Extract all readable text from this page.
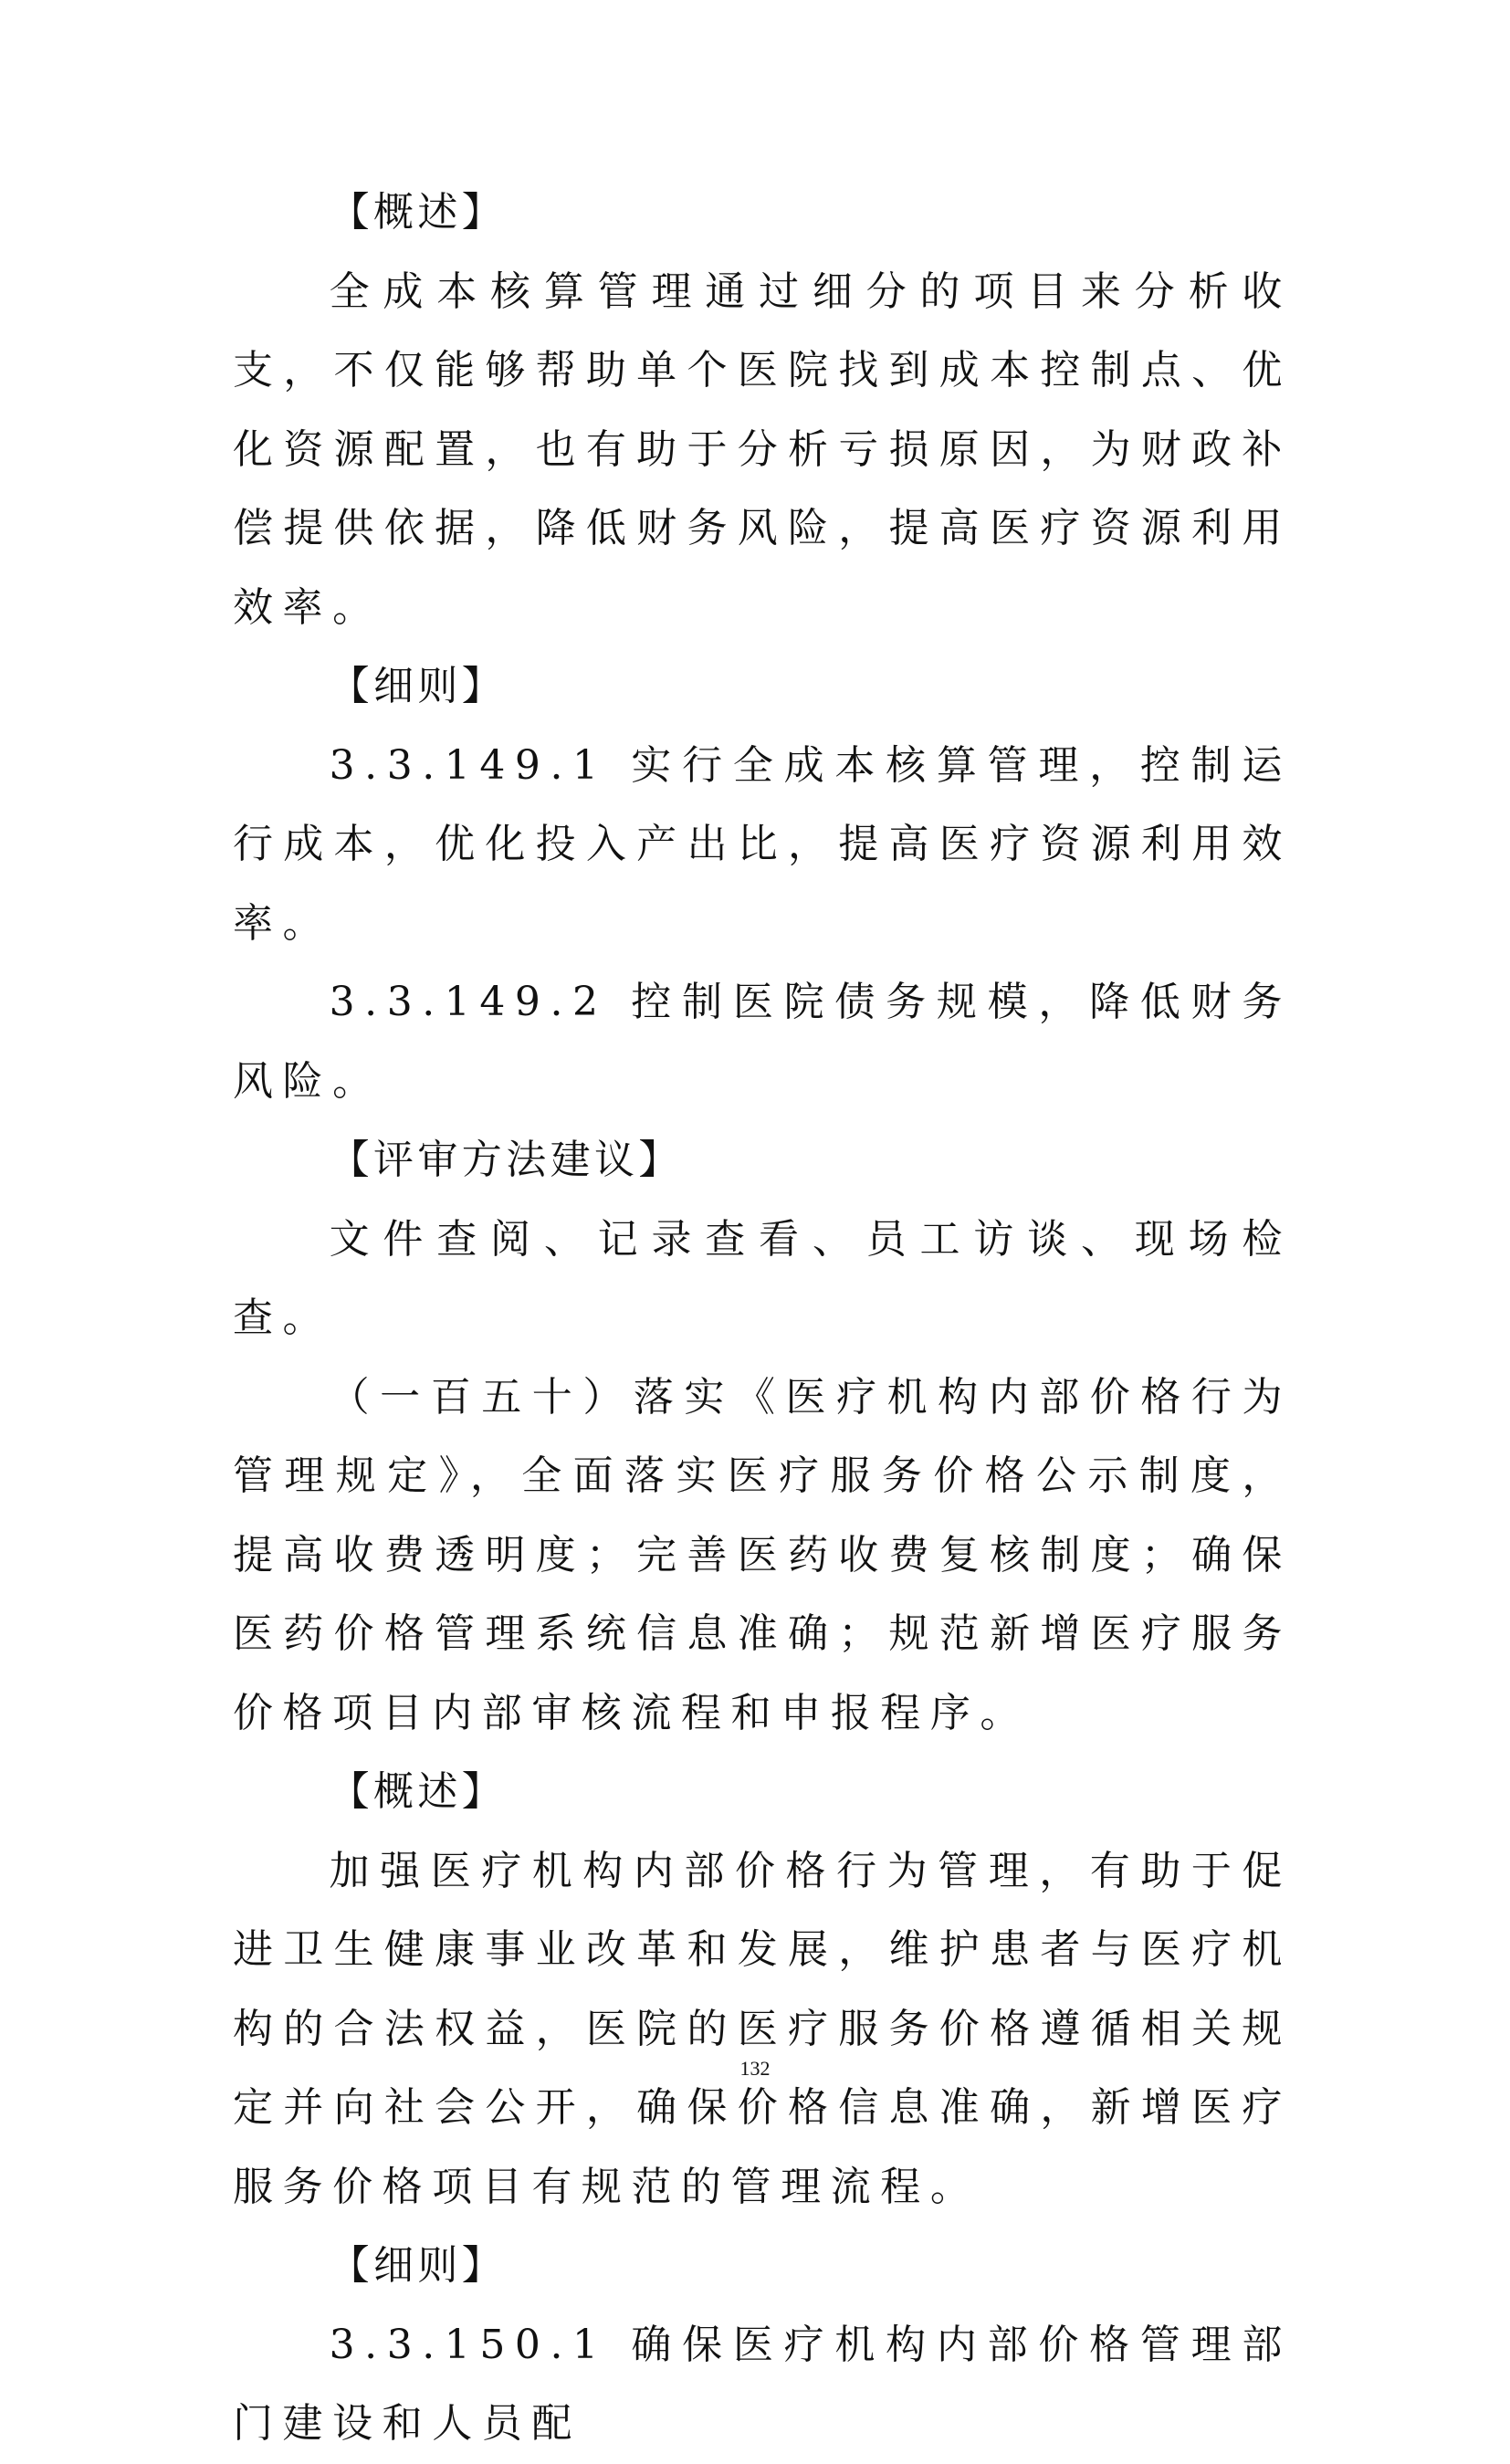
【概述】

全成本核算管理通过细分的项目来分析收支，不仅能够帮助单个医院找到成本控制点、优化资源配置，也有助于分析亏损原因，为财政补偿提供依据，降低财务风险，提高医疗资源利用效率。

【细则】

3.3.149.1 实行全成本核算管理，控制运行成本，优化投入产出比，提高医疗资源利用效率。

3.3.149.2 控制医院债务规模，降低财务风险。

【评审方法建议】

文件查阅、记录查看、员工访谈、现场检查。

（一百五十）落实《医疗机构内部价格行为管理规定》，全面落实医疗服务价格公示制度，提高收费透明度；完善医药收费复核制度；确保医药价格管理系统信息准确；规范新增医疗服务价格项目内部审核流程和申报程序。

【概述】

加强医疗机构内部价格行为管理，有助于促进卫生健康事业改革和发展，维护患者与医疗机构的合法权益，医院的医疗服务价格遵循相关规定并向社会公开，确保价格信息准确，新增医疗服务价格项目有规范的管理流程。

【细则】

3.3.150.1 确保医疗机构内部价格管理部门建设和人员配

132
